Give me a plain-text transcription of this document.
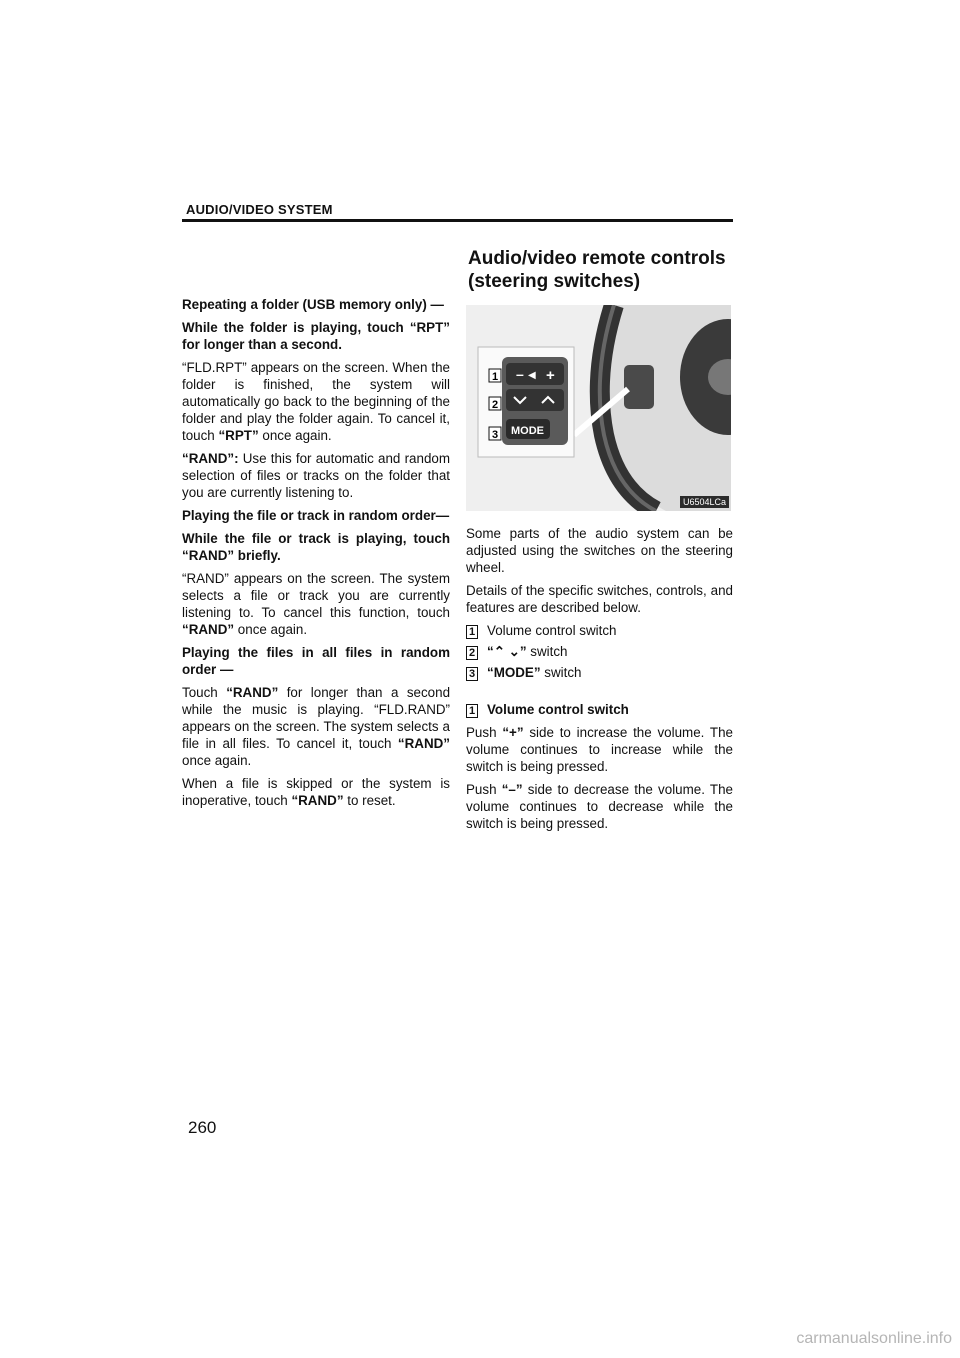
AUDIO/VIDEO SYSTEM
Audio/video remote controls (steering switches)

Repeating a folder (USB memory only) —

While the folder is playing, touch “RPT” for longer than a second.

“FLD.RPT” appears on the screen. When the folder is finished, the system will automatically go back to the beginning of the folder and play the folder again. To cancel it, touch “RPT” once again.

“RAND”: Use this for automatic and random selection of files or tracks on the folder that you are currently listening to.

Playing the file or track in random order—

While the file or track is playing, touch “RAND” briefly.

“RAND” appears on the screen. The system selects a file or track you are currently listening to. To cancel this function, touch “RAND” once again.

Playing the files in all files in random order —

Touch “RAND” for longer than a second while the music is playing. “FLD.RAND” appears on the screen. The system selects a file in all files. To cancel it, touch “RAND” once again.

When a file is skipped or the system is inoperative, touch “RAND” to reset.

– ◀ +
MODE
1
2
3
U6504LCa

Some parts of the audio system can be adjusted using the switches on the steering wheel.

Details of the specific switches, controls, and features are described below.

1 Volume control switch
2 “⌃ ⌄” switch
3 “MODE” switch

1 Volume control switch

Push “+” side to increase the volume. The volume continues to increase while the switch is being pressed.

Push “–” side to decrease the volume. The volume continues to decrease while the switch is being pressed.

260
carmanualsonline.info
